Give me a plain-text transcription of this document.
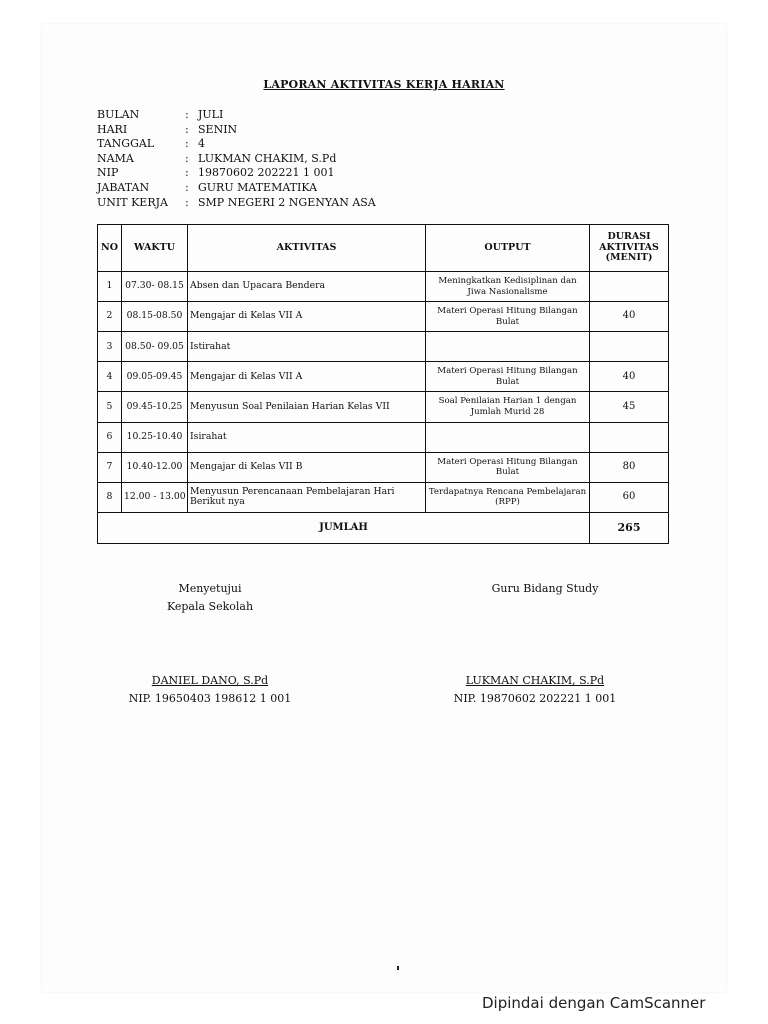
LAPORAN AKTIVITAS KERJA HARIAN
BULAN	: JULI
HARI	: SENIN
TANGGAL	: 4
NAMA	: LUKMAN CHAKIM, S.Pd
NIP	: 19870602 202221 1 001
JABATAN	: GURU MATEMATIKA
UNIT KERJA	: SMP NEGERI 2 NGENYAN ASA
NO	WAKTU	AKTIVITAS	OUTPUT	DURASI AKTIVITAS (MENIT)
1	07.30- 08.15	Absen dan Upacara Bendera	Meningkatkan Kedisiplinan dan Jiwa Nasionalisme	
2	08.15-08.50	Mengajar di Kelas VII A	Materi Operasi Hitung Bilangan Bulat	40
3	08.50- 09.05	Istirahat		
4	09.05-09.45	Mengajar di Kelas VII A	Materi Operasi Hitung Bilangan Bulat	40
5	09.45-10.25	Menyusun Soal Penilaian Harian Kelas VII	Soal Penilaian Harian 1 dengan Jumlah Murid 28	45
6	10.25-10.40	Isirahat		
7	10.40-12.00	Mengajar di Kelas VII B	Materi Operasi Hitung Bilangan Bulat	80
8	12.00 - 13.00	Menyusun Perencanaan Pembelajaran Hari Berikut nya	Terdapatnya Rencana Pembelajaran (RPP)	60
JUMLAH				265
Menyetujui
Kepala Sekolah
Guru Bidang Study
DANIEL DANO, S.Pd
NIP. 19650403 198612 1 001
LUKMAN CHAKIM, S.Pd
NIP. 19870602 202221 1 001
Dipindai dengan CamScanner
